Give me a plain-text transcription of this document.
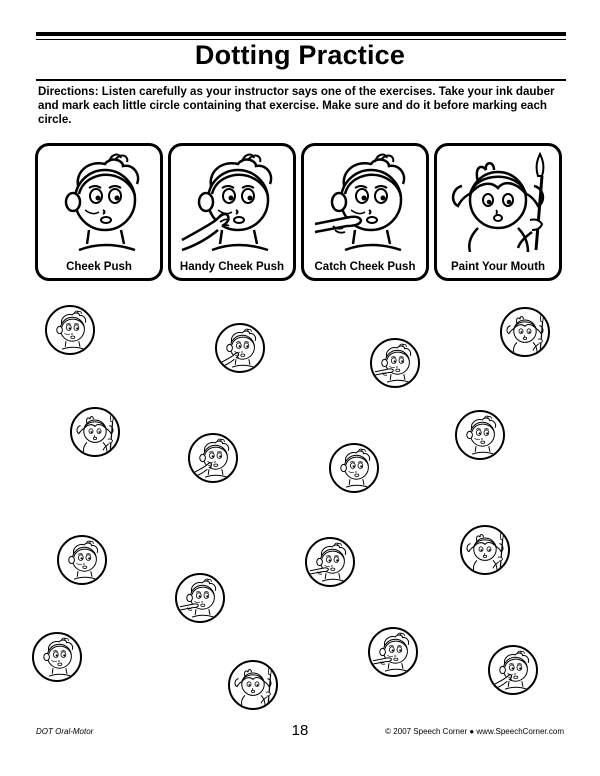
Dotting Practice
Directions: Listen carefully as your instructor says one of the exercises. Take your ink dauber and mark each little circle containing that exercise. Make sure and do it before marking each circle.
Cheek Push	Handy Cheek Push	Catch Cheek Push	Paint Your Mouth
DOT Oral-Motor	18	© 2007 Speech Corner ● www.SpeechCorner.com
